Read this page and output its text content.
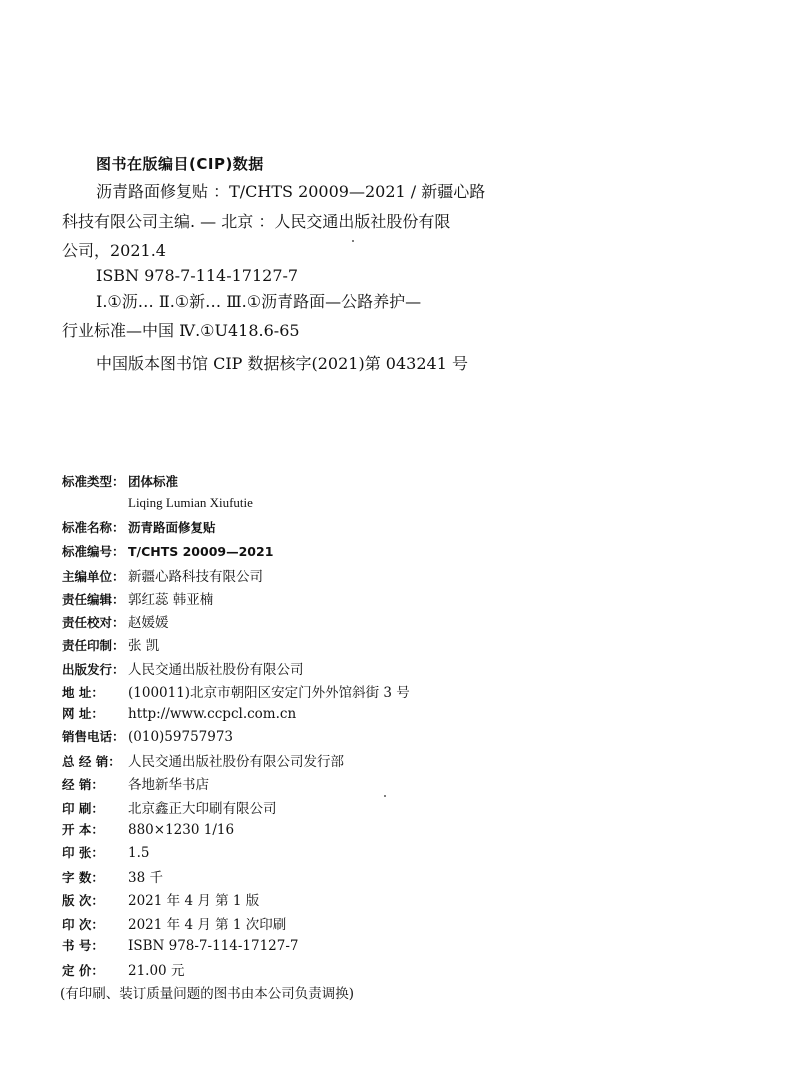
图书在版编目(CIP)数据
沥青路面修复贴 ：T/CHTS 20009—2021 / 新疆心路
科技有限公司主编. — 北京 ：人民交通出版社股份有限
公司，2021.4
ISBN 978-7-114-17127-7
Ⅰ.①沥… Ⅱ.①新… Ⅲ.①沥青路面—公路养护—
行业标准—中国 Ⅳ.①U418.6-65
中国版本图书馆 CIP 数据核字(2021)第 043241 号
标准类型： 团体标准
Liqing Lumian Xiufutie
标准名称： 沥青路面修复贴
标准编号： T/CHTS 20009—2021
主编单位： 新疆心路科技有限公司
责任编辑： 郭红蕊 韩亚楠
责任校对： 赵媛媛
责任印制： 张 凯
出版发行： 人民交通出版社股份有限公司
地 址：	(100011)北京市朝阳区安定门外外馆斜街 3 号
网 址：	http://www.ccpcl.com.cn
销售电话： (010)59757973
总 经 销： 人民交通出版社股份有限公司发行部
经 销：	各地新华书店
印 刷：	北京鑫正大印刷有限公司
开 本：	880×1230 1/16
印 张：	1.5
字 数：	38 千
版 次：	2021 年 4 月 第 1 版
印 次：	2021 年 4 月 第 1 次印刷
书 号：	ISBN 978-7-114-17127-7
定 价：	21.00 元
(有印刷、装订质量问题的图书由本公司负责调换)
